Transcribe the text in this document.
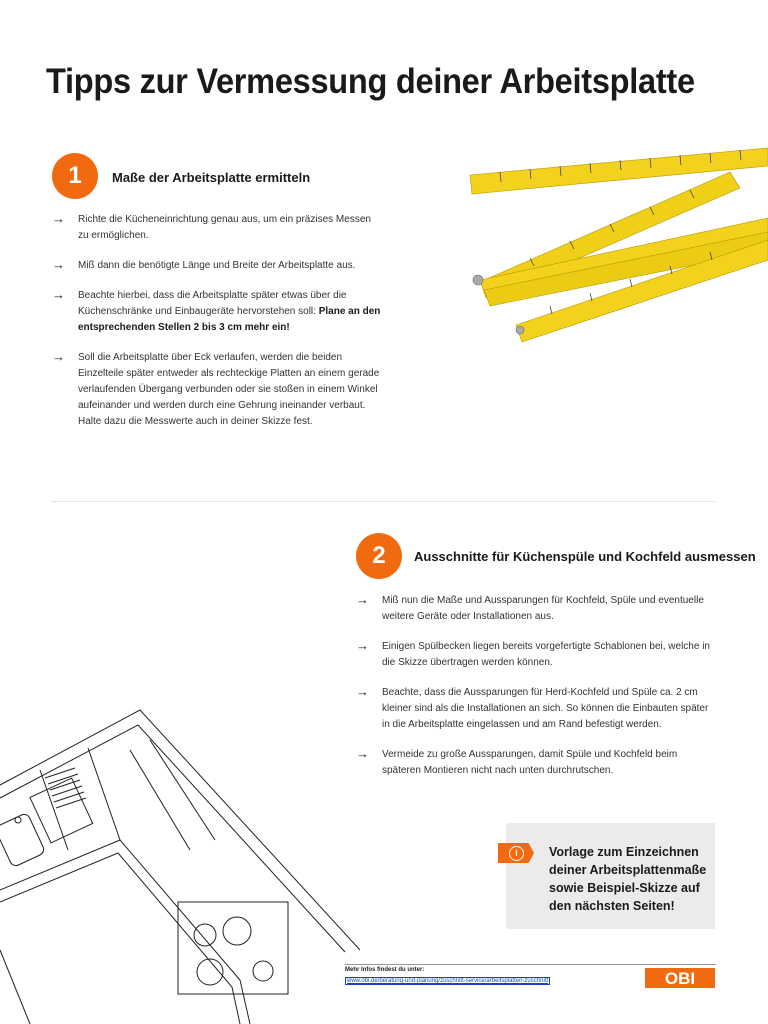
Tipps zur Vermessung deiner Arbeitsplatte
1 Maße der Arbeitsplatte ermitteln
→ Richte die Kücheneinrichtung genau aus, um ein präzises Messen zu ermöglichen.
→ Miß dann die benötigte Länge und Breite der Arbeitsplatte aus.
→ Beachte hierbei, dass die Arbeitsplatte später etwas über die Küchenschränke und Einbaugeräte hervorstehen soll: Plane an den entsprechenden Stellen 2 bis 3 cm mehr ein!
→ Soll die Arbeitsplatte über Eck verlaufen, werden die beiden Einzelteile später entweder als rechteckige Platten an einem gerade verlaufenden Übergang verbunden oder sie stoßen in einem Winkel aufeinander und werden durch eine Gehrung ineinander verbaut. Halte dazu die Messwerte auch in deiner Skizze fest.
2 Ausschnitte für Küchenspüle und Kochfeld ausmessen
→ Miß nun die Maße und Aussparungen für Kochfeld, Spüle und eventuelle weitere Geräte oder Installationen aus.
→ Einigen Spülbecken liegen bereits vorgefertigte Schablonen bei, welche in die Skizze übertragen werden können.
→ Beachte, dass die Aussparungen für Herd-Kochfeld und Spüle ca. 2 cm kleiner sind als die Installationen an sich. So können die Einbauten später in die Arbeitsplatte eingelassen und am Rand befestigt werden.
→ Vermeide zu große Aussparungen, damit Spüle und Kochfeld beim späteren Montieren nicht nach unten durchrutschen.
i	Vorlage zum Einzeichnen deiner Arbeitsplattenmaße sowie Beispiel-Skizze auf den nächsten Seiten!
Mehr Infos findest du unter:
www.obi.de/beratung-und-planung/zuschnitt-service/arbeitsplatten-zuschnitt	OBI
